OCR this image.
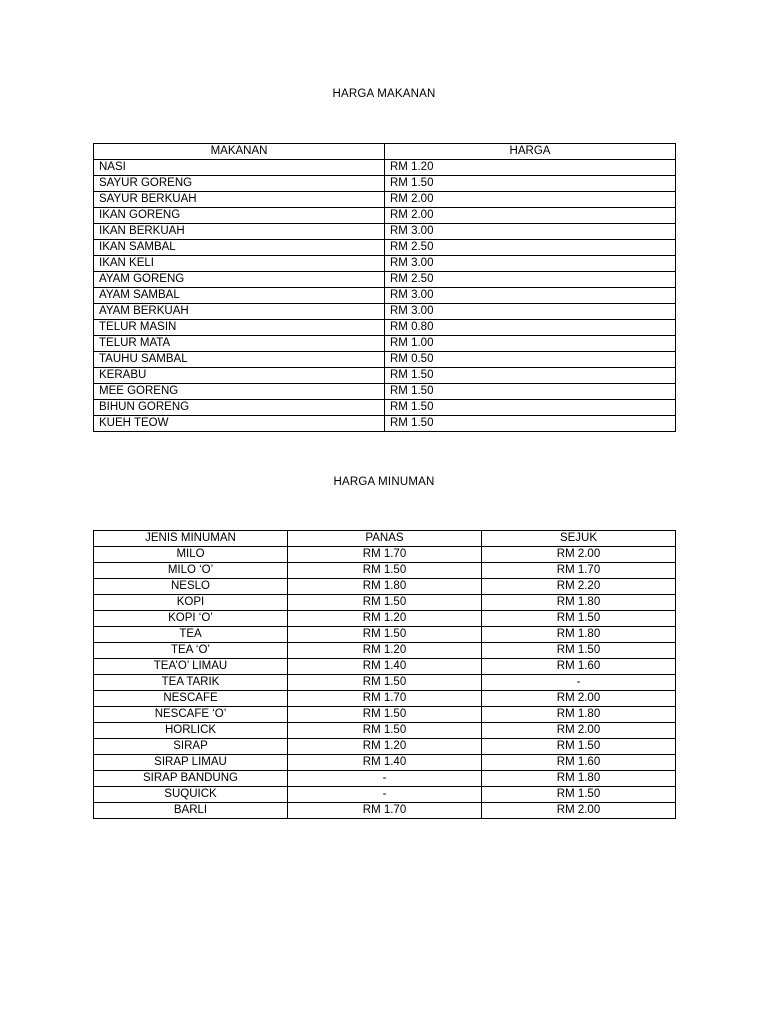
HARGA MAKANAN
MAKANAN	HARGA
NASI	RM 1.20
SAYUR GORENG	RM 1.50
SAYUR BERKUAH	RM 2.00
IKAN GORENG	RM 2.00
IKAN BERKUAH	RM 3.00
IKAN SAMBAL	RM 2.50
IKAN KELI	RM 3.00
AYAM GORENG	RM 2.50
AYAM SAMBAL	RM 3.00
AYAM BERKUAH	RM 3.00
TELUR MASIN	RM 0.80
TELUR MATA	RM 1.00
TAUHU SAMBAL	RM 0.50
KERABU	RM 1.50
MEE GORENG	RM 1.50
BIHUN GORENG	RM 1.50
KUEH TEOW	RM 1.50
HARGA MINUMAN
JENIS MINUMAN	PANAS	SEJUK
MILO	RM 1.70	RM 2.00
MILO ‘O’	RM 1.50	RM 1.70
NESLO	RM 1.80	RM 2.20
KOPI	RM 1.50	RM 1.80
KOPI ‘O’	RM 1.20	RM 1.50
TEA	RM 1.50	RM 1.80
TEA ‘O’	RM 1.20	RM 1.50
TEA’O’ LIMAU	RM 1.40	RM 1.60
TEA TARIK	RM 1.50	-
NESCAFE	RM 1.70	RM 2.00
NESCAFE ‘O’	RM 1.50	RM 1.80
HORLICK	RM 1.50	RM 2.00
SIRAP	RM 1.20	RM 1.50
SIRAP LIMAU	RM 1.40	RM 1.60
SIRAP BANDUNG	-	RM 1.80
SUQUICK	-	RM 1.50
BARLI	RM 1.70	RM 2.00
